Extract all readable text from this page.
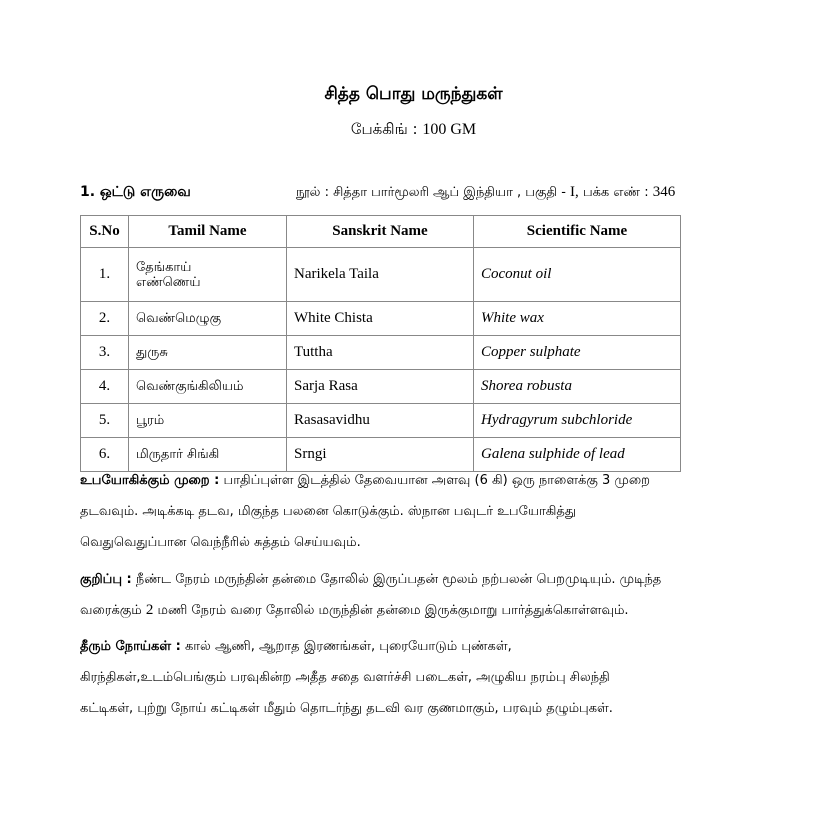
சித்த பொது மருந்துகள்
பேக்கிங் : 100 GM
1. ஒட்டு எருவை	நூல் : சித்தா பார்மூலரி ஆப் இந்தியா , பகுதி - I, பக்க எண் : 346
S.No	Tamil Name	Sanskrit Name	Scientific Name
1.	தேங்காய் எண்ணெய்	Narikela Taila	Coconut oil
2.	வெண்மெழுகு	White Chista	White wax
3.	துருசு	Tuttha	Copper sulphate
4.	வெண்குங்கிலியம்	Sarja Rasa	Shorea robusta
5.	பூரம்	Rasasavidhu	Hydragyrum subchloride
6.	மிருதார் சிங்கி	Srngi	Galena sulphide of lead
உபயோகிக்கும் முறை : பாதிப்புள்ள இடத்தில் தேவையான அளவு (6 கி) ஒரு நாளைக்கு 3 முறை
தடவவும். அடிக்கடி தடவ, மிகுந்த பலனை கொடுக்கும். ஸ்நான பவுடர் உபயோகித்து
வெதுவெதுப்பான வெந்நீரில் சுத்தம் செய்யவும்.
குறிப்பு : நீண்ட நேரம் மருந்தின் தன்மை தோலில் இருப்பதன் மூலம் நற்பலன் பெறமுடியும். முடிந்த
வரைக்கும் 2 மணி நேரம் வரை தோலில் மருந்தின் தன்மை இருக்குமாறு பார்த்துக்கொள்ளவும்.
தீரும் நோய்கள் : கால் ஆணி, ஆறாத இரணங்கள், புரையோடும் புண்கள்,
கிரந்திகள்,உடம்பெங்கும் பரவுகின்ற அதீத சதை வளர்ச்சி படைகள், அழுகிய நரம்பு சிலந்தி
கட்டிகள், புற்று நோய் கட்டிகள் மீதும் தொடர்ந்து தடவி வர குணமாகும், பரவும் தழும்புகள்.
